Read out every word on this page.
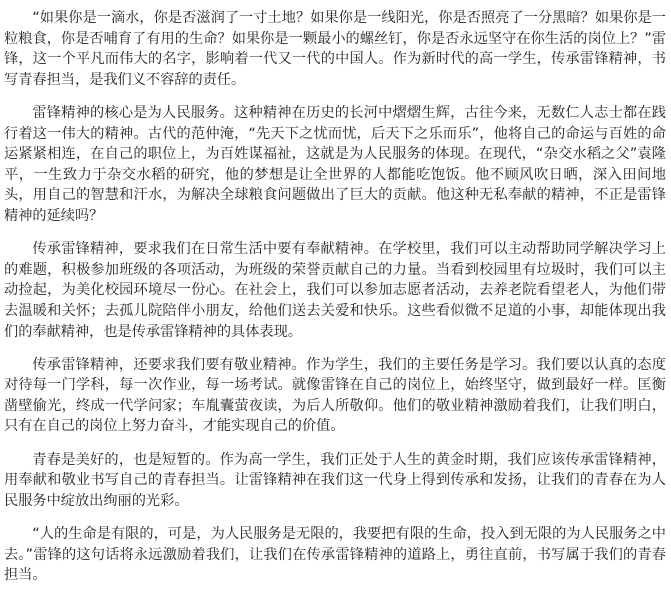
“如果你是一滴水，你是否滋润了一寸土地？如果你是一线阳光，你是否照亮了一分黑暗？如果你是一粒粮食，你是否哺育了有用的生命？如果你是一颗最小的螺丝钉，你是否永远坚守在你生活的岗位上？”雷锋，这一个平凡而伟大的名字，影响着一代又一代的中国人。作为新时代的高一学生，传承雷锋精神，书写青春担当，是我们义不容辞的责任。

雷锋精神的核心是为人民服务。这种精神在历史的长河中熠熠生辉，古往今来，无数仁人志士都在践行着这一伟大的精神。古代的范仲淹，“先天下之忧而忧，后天下之乐而乐”，他将自己的命运与百姓的命运紧紧相连，在自己的职位上，为百姓谋福祉，这就是为人民服务的体现。在现代，“杂交水稻之父”袁隆平，一生致力于杂交水稻的研究，他的梦想是让全世界的人都能吃饱饭。他不顾风吹日晒，深入田间地头，用自己的智慧和汗水，为解决全球粮食问题做出了巨大的贡献。他这种无私奉献的精神，不正是雷锋精神的延续吗？

传承雷锋精神，要求我们在日常生活中要有奉献精神。在学校里，我们可以主动帮助同学解决学习上的难题，积极参加班级的各项活动，为班级的荣誉贡献自己的力量。当看到校园里有垃圾时，我们可以主动捡起，为美化校园环境尽一份心。在社会上，我们可以参加志愿者活动，去养老院看望老人，为他们带去温暖和关怀；去孤儿院陪伴小朋友，给他们送去关爱和快乐。这些看似微不足道的小事，却能体现出我们的奉献精神，也是传承雷锋精神的具体表现。

传承雷锋精神，还要求我们要有敬业精神。作为学生，我们的主要任务是学习。我们要以认真的态度对待每一门学科，每一次作业，每一场考试。就像雷锋在自己的岗位上，始终坚守，做到最好一样。匡衡凿壁偷光，终成一代学问家；车胤囊萤夜读，为后人所敬仰。他们的敬业精神激励着我们，让我们明白，只有在自己的岗位上努力奋斗，才能实现自己的价值。

青春是美好的，也是短暂的。作为高一学生，我们正处于人生的黄金时期，我们应该传承雷锋精神，用奉献和敬业书写自己的青春担当。让雷锋精神在我们这一代身上得到传承和发扬，让我们的青春在为人民服务中绽放出绚丽的光彩。

“人的生命是有限的，可是，为人民服务是无限的，我要把有限的生命，投入到无限的为人民服务之中去。”雷锋的这句话将永远激励着我们，让我们在传承雷锋精神的道路上，勇往直前，书写属于我们的青春担当。
